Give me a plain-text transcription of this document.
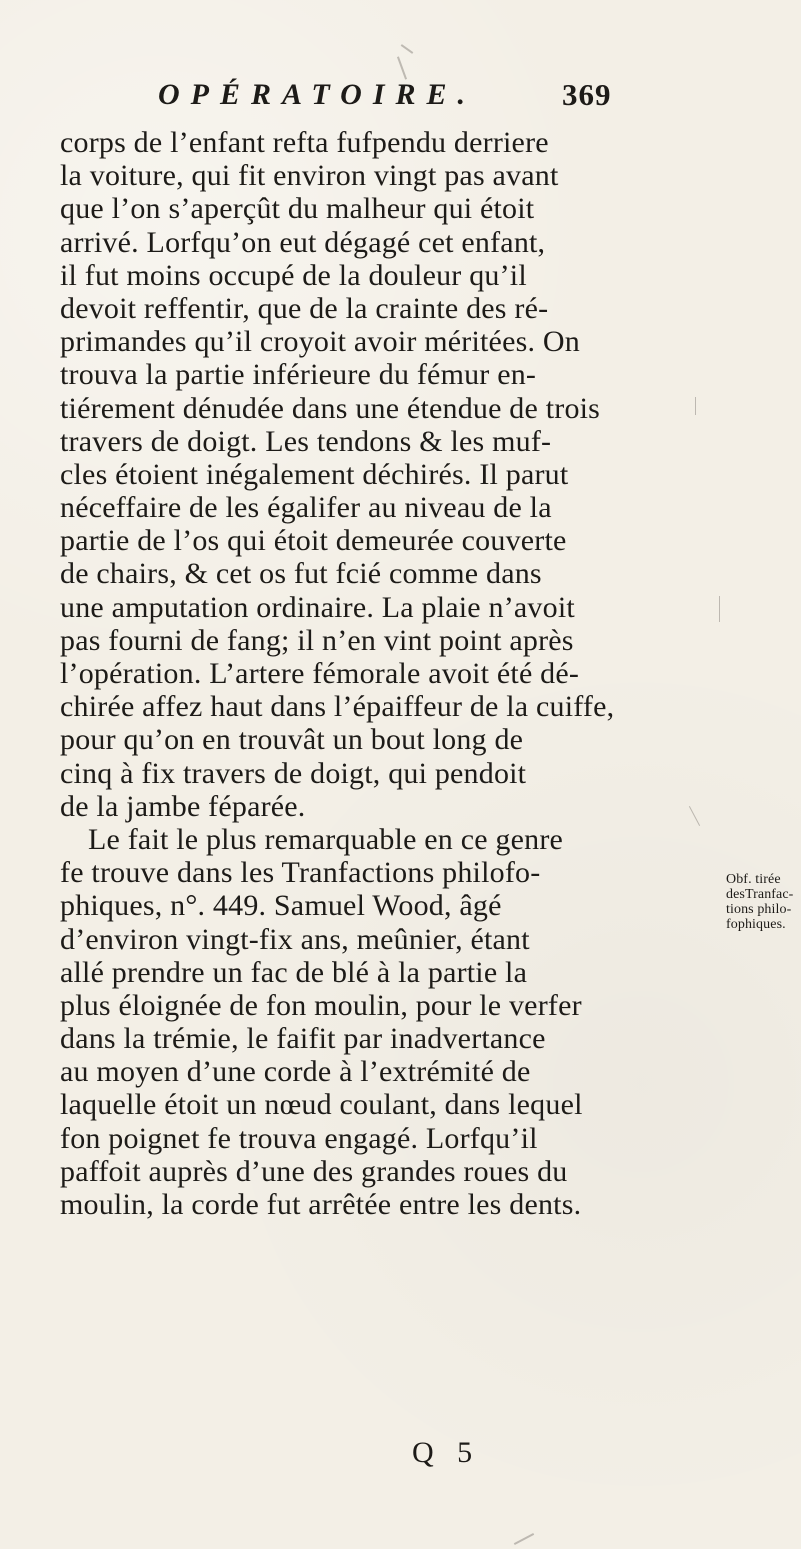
OPÉRATOIRE.	369
corps de l’enfant refta fufpendu derriere
la voiture, qui fit environ vingt pas avant
que l’on s’aperçût du malheur qui étoit
arrivé. Lorfqu’on eut dégagé cet enfant,
il fut moins occupé de la douleur qu’il
devoit reffentir, que de la crainte des ré-
primandes qu’il croyoit avoir méritées. On
trouva la partie inférieure du fémur en-
tiérement dénudée dans une étendue de trois
travers de doigt. Les tendons & les muf-
cles étoient inégalement déchirés. Il parut
néceffaire de les égalifer au niveau de la
partie de l’os qui étoit demeurée couverte
de chairs, & cet os fut fcié comme dans
une amputation ordinaire. La plaie n’avoit
pas fourni de fang; il n’en vint point après
l’opération. L’artere fémorale avoit été dé-
chirée affez haut dans l’épaiffeur de la cuiffe,
pour qu’on en trouvât un bout long de
cinq à fix travers de doigt, qui pendoit
de la jambe féparée.
Le fait le plus remarquable en ce genre
fe trouve dans les Tranfactions philofo-
phiques, n°. 449. Samuel Wood, âgé
d’environ vingt-fix ans, meûnier, étant
allé prendre un fac de blé à la partie la
plus éloignée de fon moulin, pour le verfer
dans la trémie, le faifit par inadvertance
au moyen d’une corde à l’extrémité de
laquelle étoit un nœud coulant, dans lequel
fon poignet fe trouva engagé. Lorfqu’il
paffoit auprès d’une des grandes roues du
moulin, la corde fut arrêtée entre les dents.
Obf. tirée
desTranfac-
tions philo-
fophiques.
Q 5
